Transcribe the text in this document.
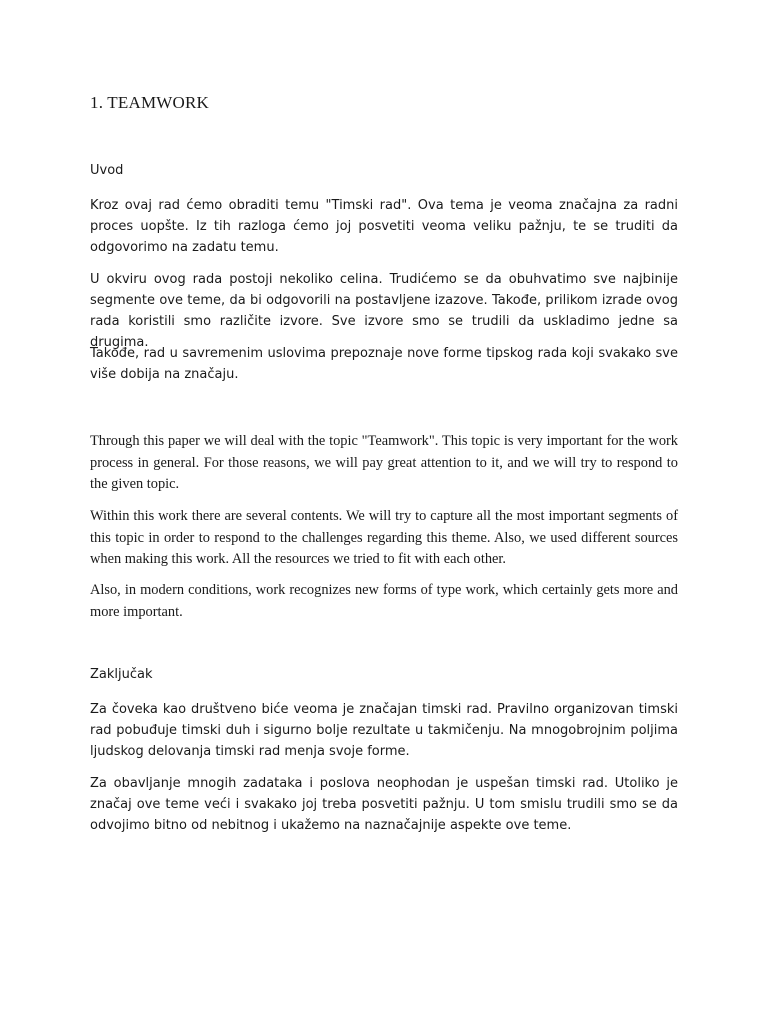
1. TEAMWORK
Uvod

Kroz ovaj rad ćemo obraditi temu "Timski rad". Ova tema je veoma značajna za radni proces uopšte. Iz tih razloga ćemo joj posvetiti veoma veliku pažnju, te se truditi da odgovorimo na zadatu temu.

U okviru ovog rada postoji nekoliko celina. Trudićemo se da obuhvatimo sve najbinije segmente ove teme, da bi odgovorili na postavljene izazove. Takođe, prilikom izrade ovog rada koristili smo različite izvore. Sve izvore smo se trudili da uskladimo jedne sa drugima.

Takođe, rad u savremenim uslovima prepoznaje nove forme tipskog rada koji svakako sve više dobija na značaju.

Through this paper we will deal with the topic "Teamwork". This topic is very important for the work process in general. For those reasons, we will pay great attention to it, and we will try to respond to the given topic.

Within this work there are several contents. We will try to capture all the most important segments of this topic in order to respond to the challenges regarding this theme. Also, we used different sources when making this work. All the resources we tried to fit with each other.

Also, in modern conditions, work recognizes new forms of type work, which certainly gets more and more important.

Zaključak

Za čoveka kao društveno biće veoma je značajan timski rad. Pravilno organizovan timski rad pobuđuje timski duh i sigurno bolje rezultate u takmičenju. Na mnogobrojnim poljima ljudskog delovanja timski rad menja svoje forme.

Za obavljanje mnogih zadataka i poslova neophodan je uspešan timski rad. Utoliko je značaj ove teme veći i svakako joj treba posvetiti pažnju. U tom smislu trudili smo se da odvojimo bitno od nebitnog i ukažemo na naznačajnije aspekte ove teme.
